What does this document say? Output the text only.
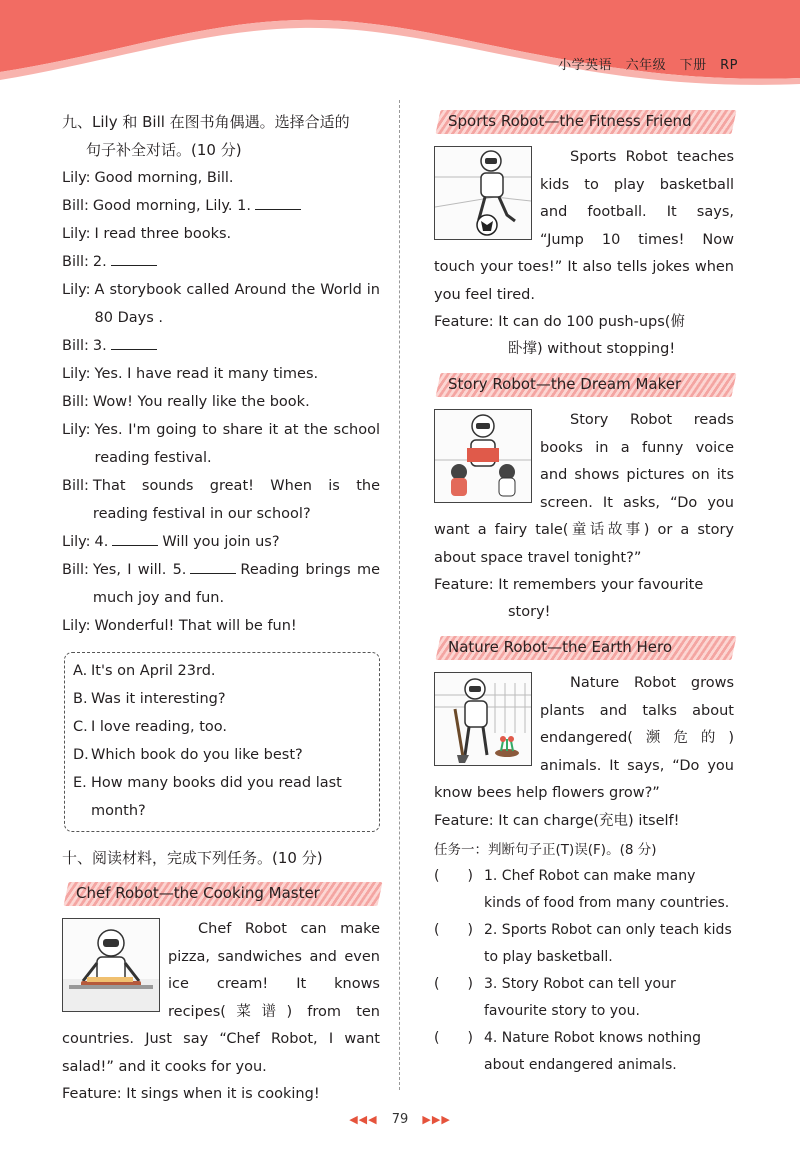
小学英语　六年级　下册　RP
九、Lily 和 Bill 在图书角偶遇。选择合适的
句子补全对话。(10 分)
Lily: Good morning, Bill.
Bill: Good morning, Lily. 1.
Lily: I read three books.
Bill: 2.
Lily: A storybook called Around the World in 80 Days .
Bill: 3.
Lily: Yes. I have read it many times.
Bill: Wow! You really like the book.
Lily: Yes. I'm going to share it at the school reading festival.
Bill: That sounds great! When is the reading festival in our school?
Lily: 4.	Will you join us?
Bill: Yes, I will. 5.	Reading brings me much joy and fun.
Lily: Wonderful! That will be fun!
A. It's on April 23rd.
B. Was it interesting?
C. I love reading, too.
D. Which book do you like best?
E. How many books did you read last month?
十、阅读材料，完成下列任务。(10 分)
Chef Robot—the Cooking Master
Chef Robot can make pizza, sandwiches and even ice cream! It knows recipes(菜谱) from ten countries. Just say “Chef Robot, I want salad!” and it cooks for you.
Feature: It sings when it is cooking!
Sports Robot—the Fitness Friend
Sports Robot teaches kids to play basketball and football. It says, “Jump 10 times! Now touch your toes!” It also tells jokes when you feel tired.
Feature: It can do 100 push-ups(俯
卧撑) without stopping!
Story Robot—the Dream Maker
Story Robot reads books in a funny voice and shows pictures on its screen. It asks, “Do you want a fairy tale(童话故事) or a story about space travel tonight?”
Feature: It remembers your favourite
story!
Nature Robot—the Earth Hero
Nature Robot grows plants and talks about endangered(濒危的) animals. It says, “Do you know bees help flowers grow?”
Feature: It can charge(充电) itself!
任务一：判断句子正(T)误(F)。(8 分)
(　　) 1. Chef Robot can make many kinds of food from many countries.
(　　) 2. Sports Robot can only teach kids to play basketball.
(　　) 3. Story Robot can tell your favourite story to you.
(　　) 4. Nature Robot knows nothing about endangered animals.
◀◀◀ 79 ▶▶▶
